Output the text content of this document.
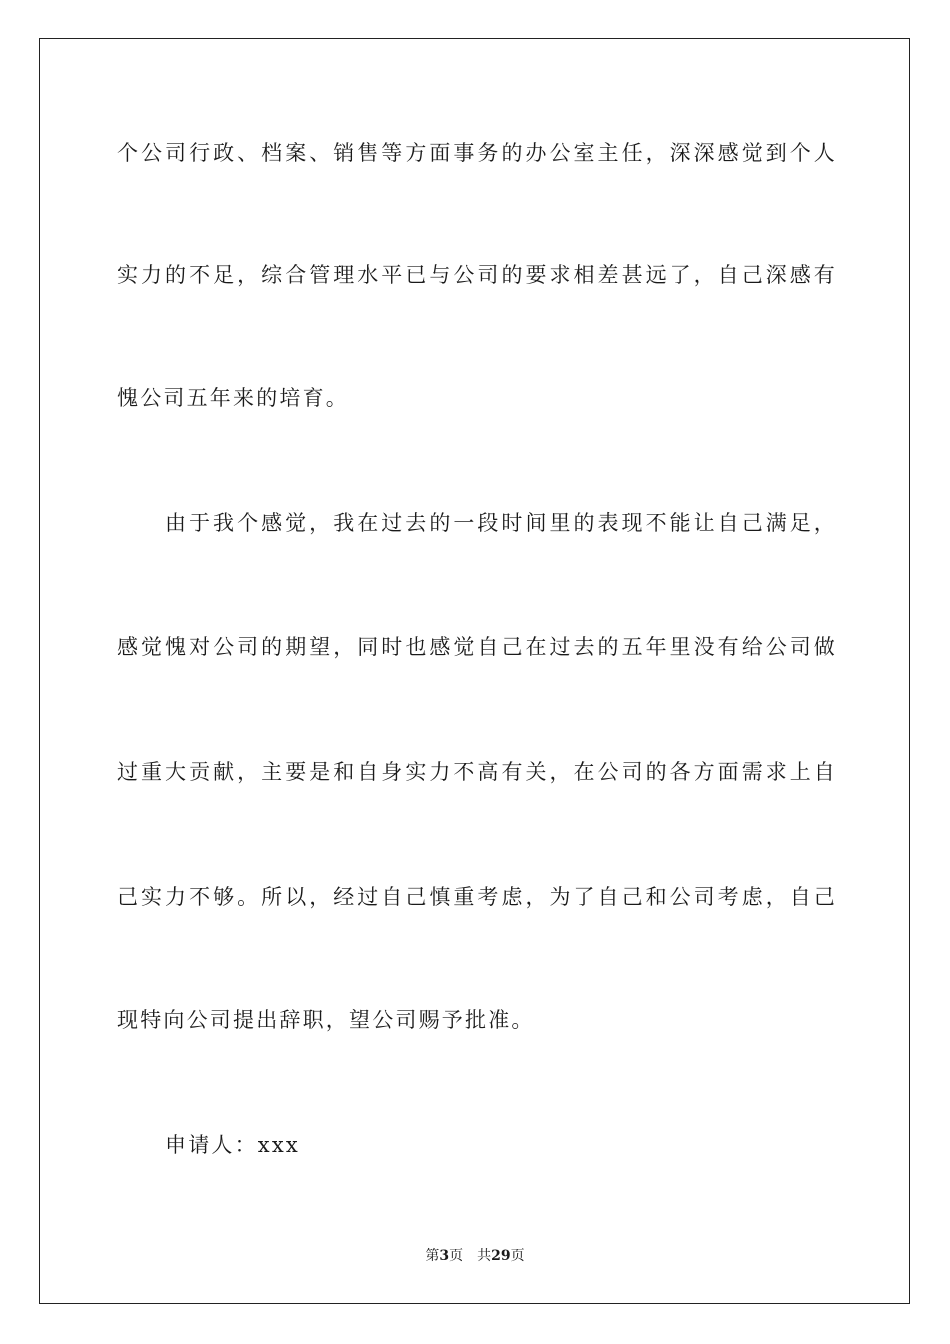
个公司行政、档案、销售等方面事务的办公室主任，深深感觉到个人
实力的不足，综合管理水平已与公司的要求相差甚远了，自己深感有
愧公司五年来的培育。
由于我个感觉，我在过去的一段时间里的表现不能让自己满足，
感觉愧对公司的期望，同时也感觉自己在过去的五年里没有给公司做
过重大贡献，主要是和自身实力不高有关，在公司的各方面需求上自
己实力不够。所以，经过自己慎重考虑，为了自己和公司考虑，自己
现特向公司提出辞职，望公司赐予批准。
申请人：xxx
第3页 共29页
